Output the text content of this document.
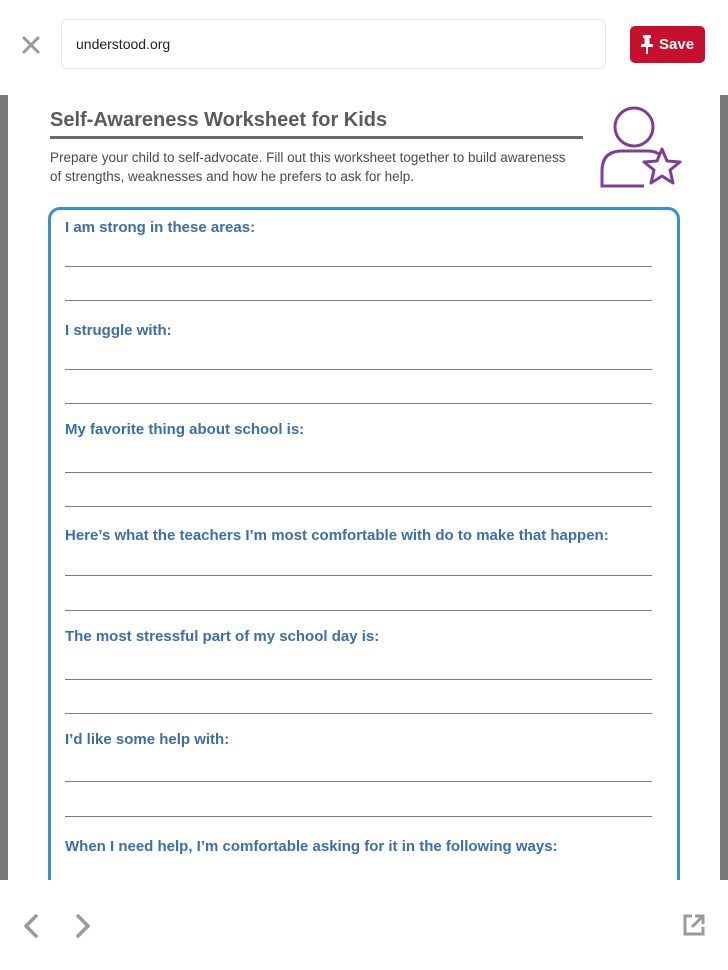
understood.org	Save
Self-Awareness Worksheet for Kids
Prepare your child to self-advocate. Fill out this worksheet together to build awareness of strengths, weaknesses and how he prefers to ask for help.
I am strong in these areas:
I struggle with:
My favorite thing about school is:
Here’s what the teachers I’m most comfortable with do to make that happen:
The most stressful part of my school day is:
I’d like some help with:
When I need help, I’m comfortable asking for it in the following ways:
